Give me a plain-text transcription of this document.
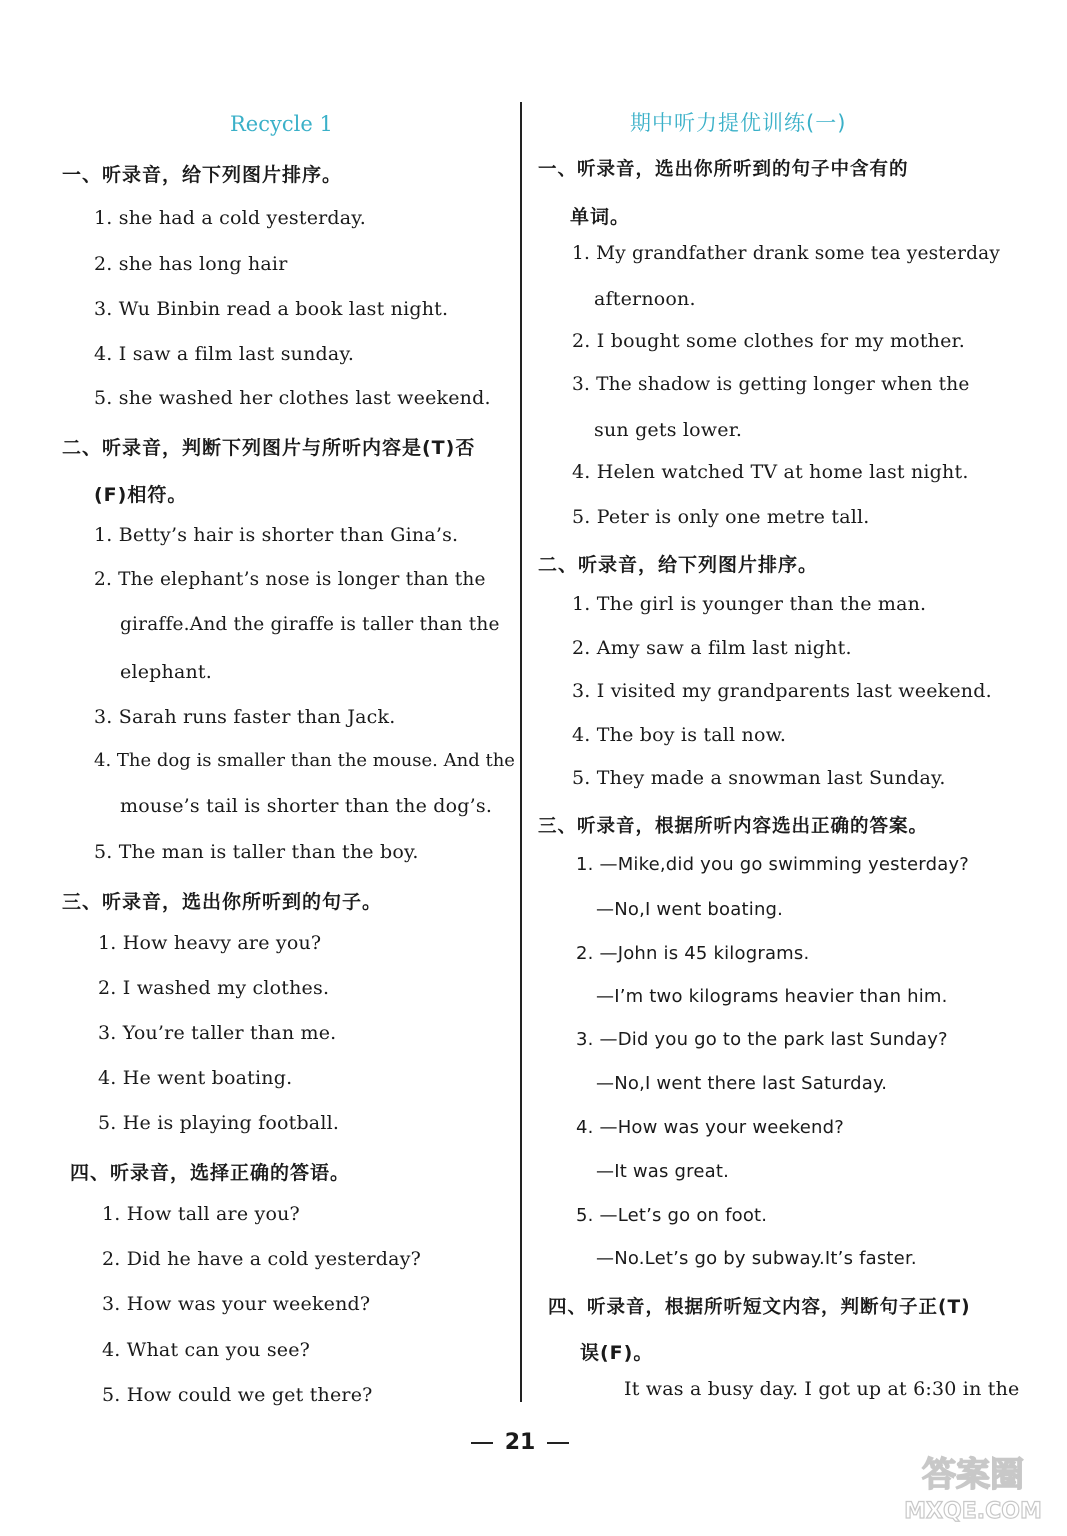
Recycle 1
一、听录音，给下列图片排序。
1. she had a cold yesterday.
2. she has long hair
3. Wu Binbin read a book last night.
4. I saw a film last sunday.
5. she washed her clothes last weekend.
二、听录音，判断下列图片与所听内容是(T)否
(F)相符。
1. Betty’s hair is shorter than Gina’s.
2. The elephant’s nose is longer than the
giraffe.And the giraffe is taller than the
elephant.
3. Sarah runs faster than Jack.
4. The dog is smaller than the mouse. And the
mouse’s tail is shorter than the dog’s.
5. The man is taller than the boy.
三、听录音，选出你所听到的句子。
1. How heavy are you?
2. I washed my clothes.
3. You’re taller than me.
4. He went boating.
5. He is playing football.
四、听录音，选择正确的答语。
1. How tall are you?
2. Did he have a cold yesterday?
3. How was your weekend?
4. What can you see?
5. How could we get there?
期中听力提优训练(一)
一、听录音，选出你所听到的句子中含有的
单词。
1. My grandfather drank some tea yesterday
afternoon.
2. I bought some clothes for my mother.
3. The shadow is getting longer when the
sun gets lower.
4. Helen watched TV at home last night.
5. Peter is only one metre tall.
二、听录音，给下列图片排序。
1. The girl is younger than the man.
2. Amy saw a film last night.
3. I visited my grandparents last weekend.
4. The boy is tall now.
5. They made a snowman last Sunday.
三、听录音，根据所听内容选出正确的答案。
1. —Mike,did you go swimming yesterday?
—No,I went boating.
2. —John is 45 kilograms.
—I’m two kilograms heavier than him.
3. —Did you go to the park last Sunday?
—No,I went there last Saturday.
4. —How was your weekend?
—It was great.
5. —Let’s go on foot.
—No.Let’s go by subway.It’s faster.
四、听录音，根据所听短文内容，判断句子正(T)
误(F)。
It was a busy day. I got up at 6:30 in the
21
答案圈
MXQE.COM
